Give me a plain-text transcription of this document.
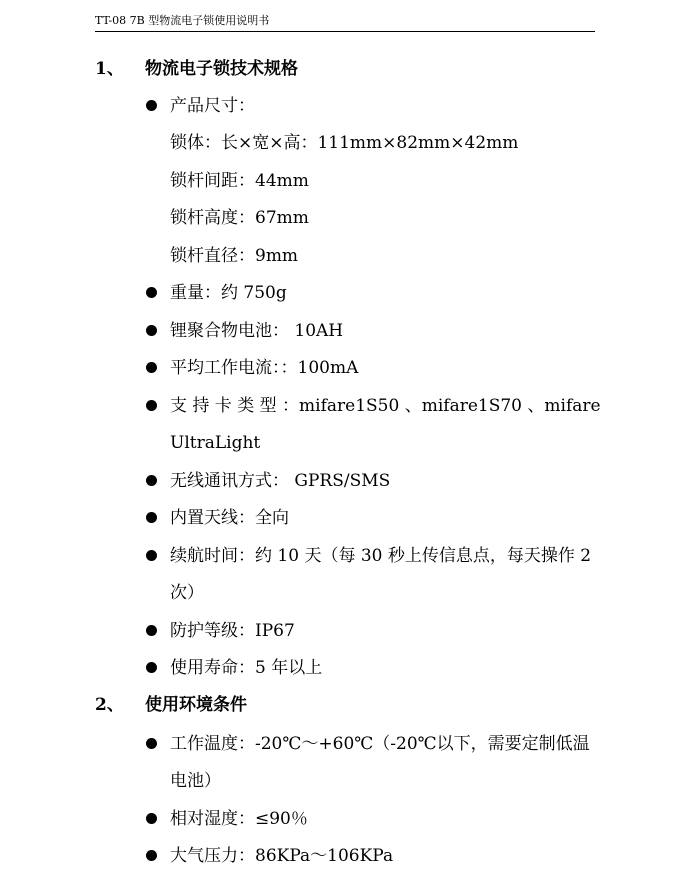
TT-08 7B 型物流电子锁使用说明书
1、 物流电子锁技术规格
产品尺寸：
锁体：长×宽×高：111mm×82mm×42mm
锁杆间距：44mm
锁杆高度：67mm
锁杆直径：9mm
重量：约 750g
锂聚合物电池： 10AH
平均工作电流：：100mA
支 持 卡 类 型 ： mifare1 S50 、 mifare1 S70 、 mifare
UltraLight
无线通讯方式： GPRS/SMS
内置天线：全向
续航时间：约 10 天（每 30 秒上传信息点，每天操作 2
次）
防护等级：IP67
使用寿命：5 年以上
2、 使用环境条件
工作温度：-20℃～+60℃（-20℃以下，需要定制低温
电池）
相对湿度：≤90％
大气压力：86KPa～106KPa
